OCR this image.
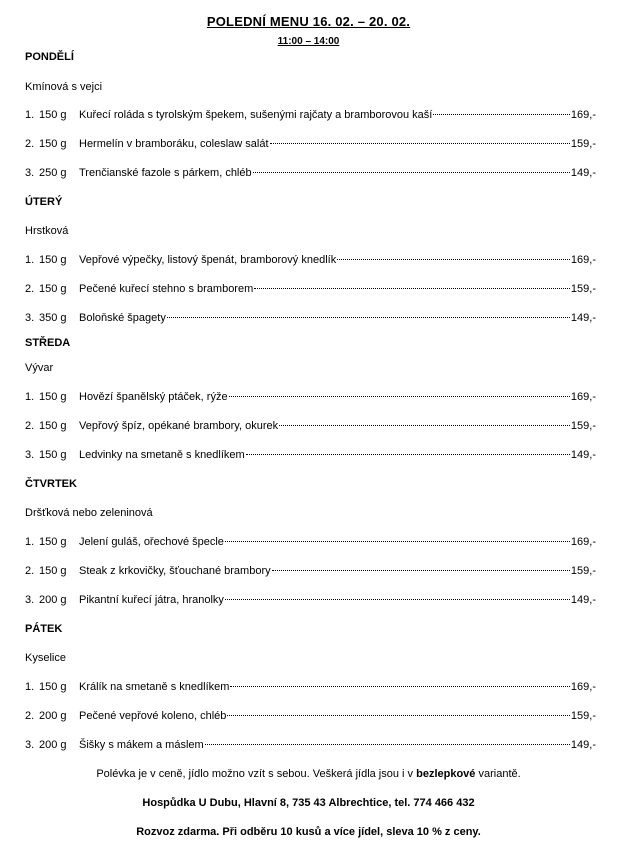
POLEDNÍ MENU 16. 02. – 20. 02.
11:00 – 14:00
PONDĚLÍ
Kmínová s vejci
1. 150 g	Kuřecí roláda s tyrolským špekem, sušenými rajčaty a bramborovou kaší	169,-
2. 150 g	Hermelín v bramboráku, coleslaw salát	159,-
3. 250 g	Trenčianské fazole s párkem, chléb	149,-
ÚTERÝ
Hrstková
1. 150 g	Vepřové výpečky, listový špenát, bramborový knedlík	169,-
2. 150 g	Pečené kuřecí stehno s bramborem	159,-
3. 350 g	Boloňské špagety	149,-
STŘEDA
Vývar
1. 150 g	Hovězí španělský ptáček, rýže	169,-
2. 150 g	Vepřový špíz, opékané brambory, okurek	159,-
3. 150 g	Ledvinky na smetaně s knedlíkem	149,-
ČTVRTEK
Dršťková nebo zeleninová
1. 150 g	Jelení guláš, ořechové špecle	169,-
2. 150 g	Steak z krkovičky, šťouchané brambory	159,-
3. 200 g	Pikantní kuřecí játra, hranolky	149,-
PÁTEK
Kyselice
1. 150 g	Králík na smetaně s knedlíkem	169,-
2. 200 g	Pečené vepřové koleno, chléb	159,-
3. 200 g	Šišky s mákem a máslem	149,-
Polévka je v ceně, jídlo možno vzít s sebou. Veškerá jídla jsou i v bezlepkové variantě.
Hospůdka U Dubu, Hlavní 8, 735 43 Albrechtice, tel. 774 466 432
Rozvoz zdarma. Při odběru 10 kusů a více jídel, sleva 10 % z ceny.
